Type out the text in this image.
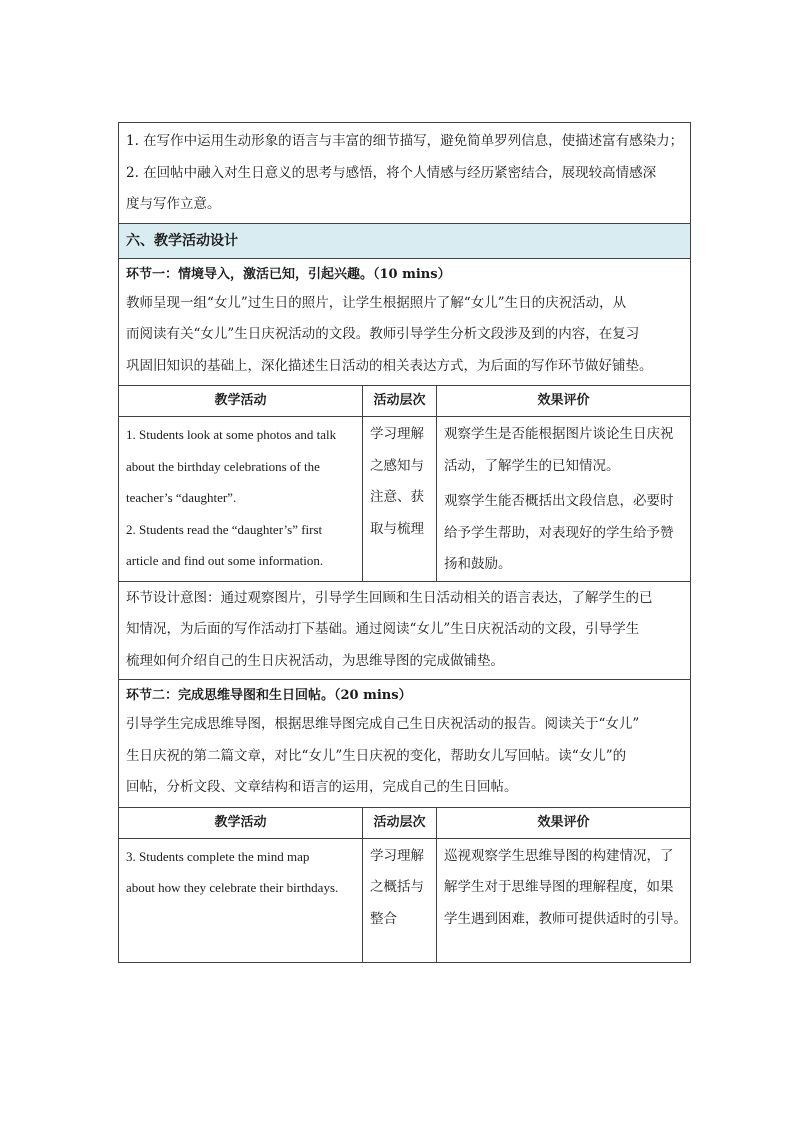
1. 在写作中运用生动形象的语言与丰富的细节描写，避免简单罗列信息，使描述富有感染力；
2. 在回帖中融入对生日意义的思考与感悟，将个人情感与经历紧密结合，展现较高情感深
度与写作立意。		

六、教学活动设计		

环节一：情境导入，激活已知，引起兴趣。（10 mins）
教师呈现一组“女儿”过生日的照片，让学生根据照片了解“女儿”生日的庆祝活动，从
而阅读有关“女儿”生日庆祝活动的文段。教师引导学生分析文段涉及到的内容，在复习
巩固旧知识的基础上，深化描述生日活动的相关表达方式，为后面的写作环节做好铺垫。		

教学活动	活动层次	效果评价

1. Students look at some photos and talk
about the birthday celebrations of the
teacher’s “daughter”.
2. Students read the “daughter’s” first
article and find out some information.	学习理解
之感知与
注意、获
取与梳理	观察学生是否能根据图片谈论生日庆祝
活动，了解学生的已知情况。
观察学生能否概括出文段信息，必要时
给予学生帮助，对表现好的学生给予赞
扬和鼓励。

环节设计意图：通过观察图片，引导学生回顾和生日活动相关的语言表达，了解学生的已
知情况，为后面的写作活动打下基础。通过阅读“女儿”生日庆祝活动的文段，引导学生
梳理如何介绍自己的生日庆祝活动，为思维导图的完成做铺垫。		

环节二：完成思维导图和生日回帖。（20 mins）
引导学生完成思维导图，根据思维导图完成自己生日庆祝活动的报告。阅读关于“女儿”
生日庆祝的第二篇文章，对比“女儿”生日庆祝的变化，帮助女儿写回帖。读“女儿”的
回帖，分析文段、文章结构和语言的运用，完成自己的生日回帖。		

教学活动	活动层次	效果评价

3. Students complete the mind map
about how they celebrate their birthdays.	学习理解
之概括与
整合	巡视观察学生思维导图的构建情况，了
解学生对于思维导图的理解程度，如果
学生遇到困难，教师可提供适时的引导。
